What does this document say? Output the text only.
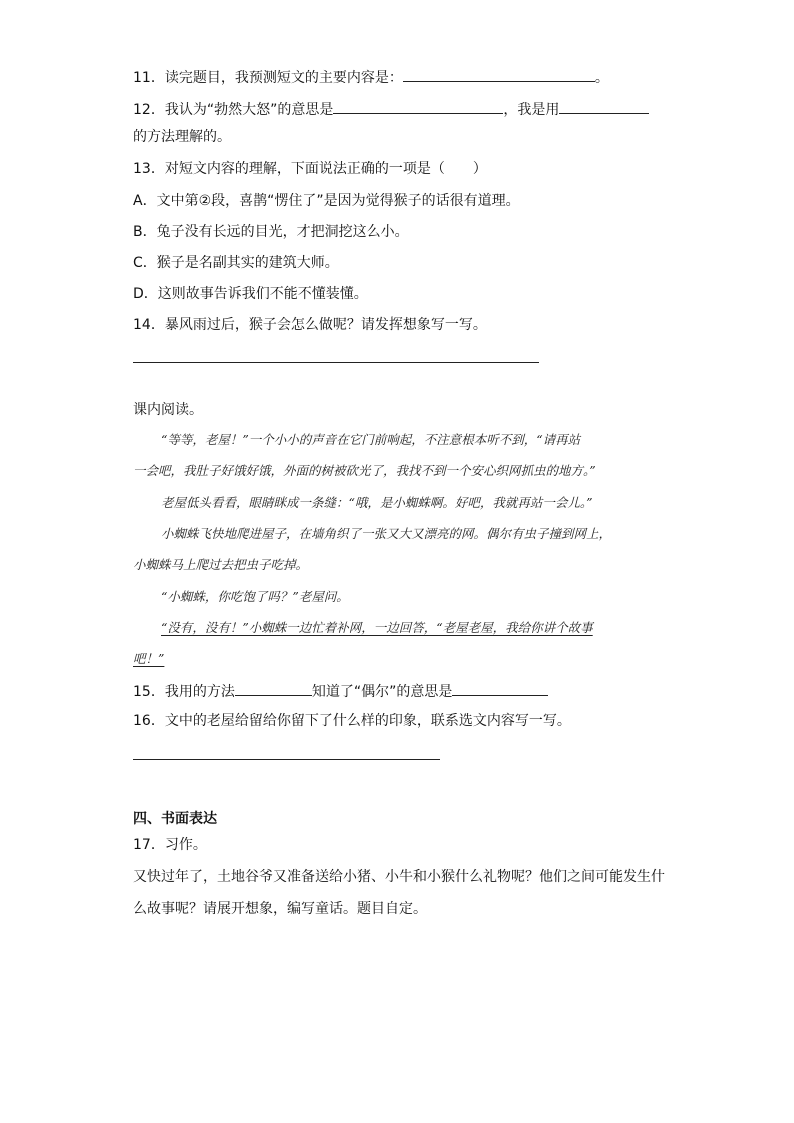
11．读完题目，我预测短文的主要内容是：	。
12．我认为“勃然大怒”的意思是	，我是用
的方法理解的。
13．对短文内容的理解，下面说法正确的一项是（　　）
A．文中第②段，喜鹊“愣住了”是因为觉得猴子的话很有道理。
B．兔子没有长远的目光，才把洞挖这么小。
C．猴子是名副其实的建筑大师。
D．这则故事告诉我们不能不懂装懂。
14．暴风雨过后，猴子会怎么做呢？请发挥想象写一写。
课内阅读。
“等等，老屋！”一个小小的声音在它门前响起，不注意根本听不到，“请再站
一会吧，我肚子好饿好饿，外面的树被砍光了，我找不到一个安心织网抓虫的地方。”
老屋低头看看，眼睛眯成一条缝：“哦，是小蜘蛛啊。好吧，我就再站一会儿。”
小蜘蛛飞快地爬进屋子，在墙角织了一张又大又漂亮的网。偶尔有虫子撞到网上，
小蜘蛛马上爬过去把虫子吃掉。
“小蜘蛛，你吃饱了吗？”老屋问。
“没有，没有！”小蜘蛛一边忙着补网，一边回答，“老屋老屋，我给你讲个故事
吧！”
15．我用的方法	知道了“偶尔”的意思是
16．文中的老屋给留给你留下了什么样的印象，联系选文内容写一写。
四、书面表达
17．习作。
又快过年了，土地谷爷又准备送给小猪、小牛和小猴什么礼物呢？他们之间可能发生什
么故事呢？请展开想象，编写童话。题目自定。
